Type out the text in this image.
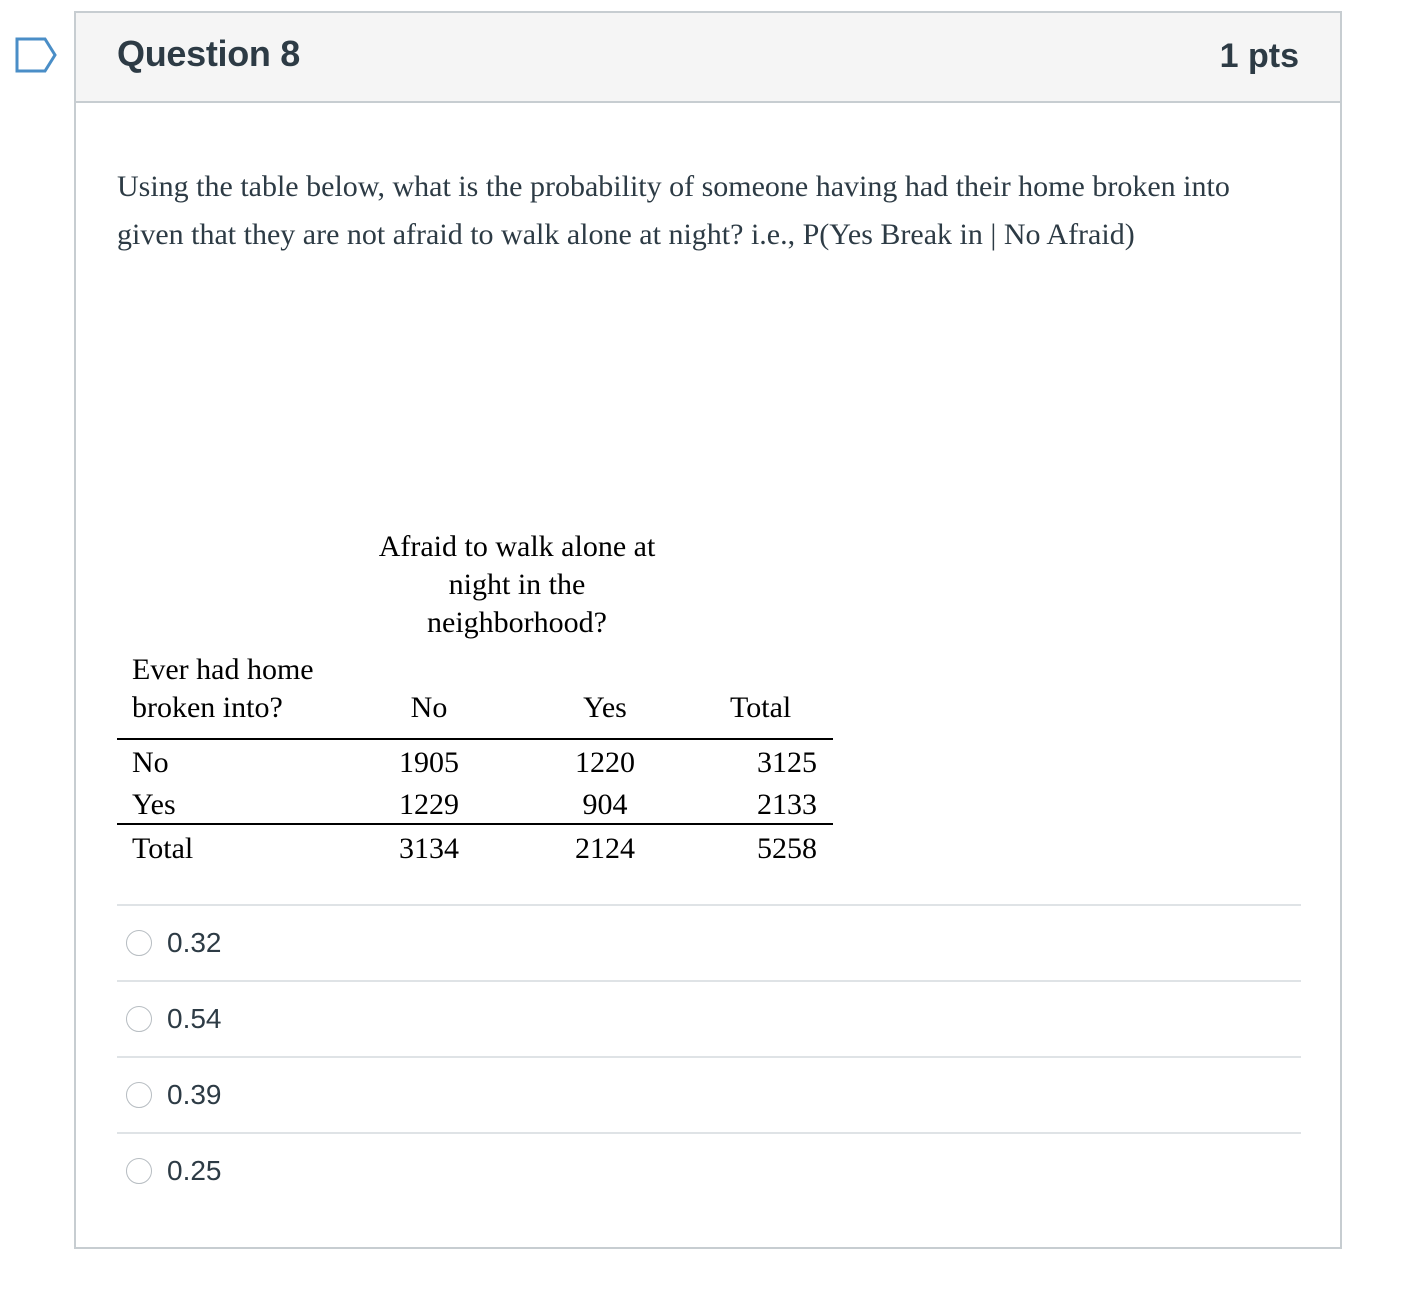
Question 8	1 pts
Using the table below, what is the probability of someone having had their home broken into given that they are not afraid to walk alone at night? i.e., P(Yes Break in | No Afraid)
Afraid to walk alone at night in the neighborhood?
Ever had home broken into?	No	Yes	Total
No	1905	1220	3125
Yes	1229	904	2133
Total	3134	2124	5258
0.32
0.54
0.39
0.25
